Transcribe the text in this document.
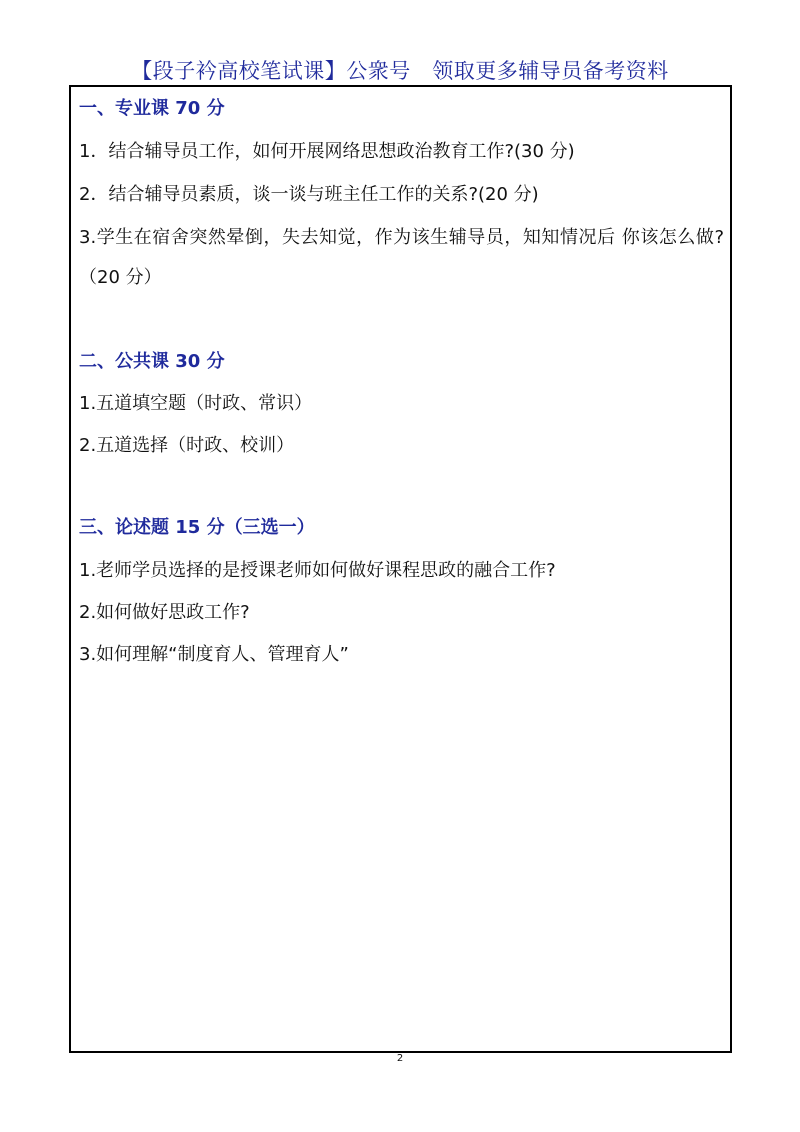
【段子衿高校笔试课】公衆号　领取更多辅导员备考资料
一、专业课 70 分
1．结合辅导员工作，如何开展网络思想政治教育工作?(30 分)
2．结合辅导员素质，谈一谈与班主任工作的关系?(20 分)
3.学生在宿舍突然晕倒，失去知觉，作为该生辅导员，知知情况后 你该怎么做?（20 分）
二、公共课 30 分
1.五道填空题（时政、常识）
2.五道选择（时政、校训）
三、论述题 15 分（三选一）
1.老师学员选择的是授课老师如何做好课程思政的融合工作?
2.如何做好思政工作?
3.如何理解“制度育人、管理育人”
2
